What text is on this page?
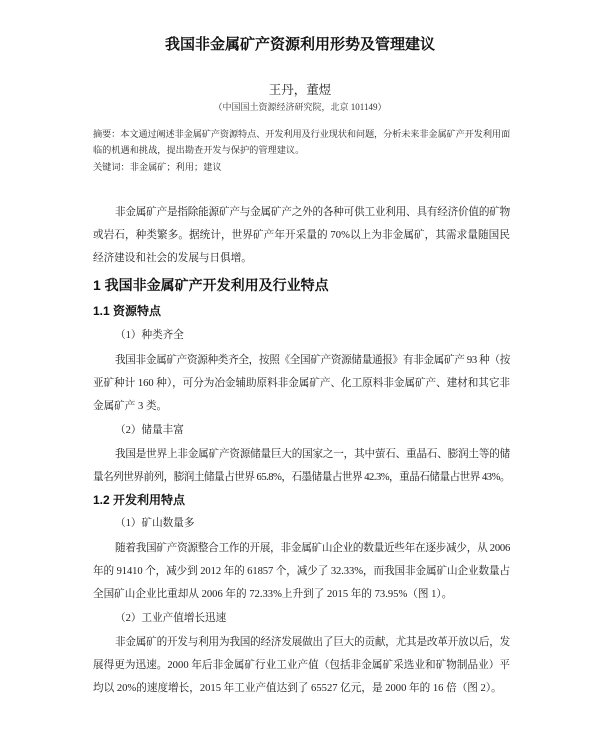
我国非金属矿产资源利用形势及管理建议
王丹，董煜
（中国国土资源经济研究院，北京 101149）
摘要：本文通过阐述非金属矿产资源特点、开发利用及行业现状和问题，分析未来非金属矿产开发利用面
临的机遇和挑战，提出勘查开发与保护的管理建议。
关键词：非金属矿；利用；建议
非金属矿产是指除能源矿产与金属矿产之外的各种可供工业利用、具有经济价值的矿物
或岩石，种类繁多。据统计，世界矿产年开采量的 70%以上为非金属矿，其需求量随国民
经济建设和社会的发展与日俱增。
1 我国非金属矿产开发利用及行业特点
1.1 资源特点
（1）种类齐全
我国非金属矿产资源种类齐全，按照《全国矿产资源储量通报》有非金属矿产 93 种（按
亚矿种计 160 种），可分为冶金辅助原料非金属矿产、化工原料非金属矿产、建材和其它非
金属矿产 3 类。
（2）储量丰富
我国是世界上非金属矿产资源储量巨大的国家之一，其中萤石、重晶石、膨润土等的储
量名列世界前列，膨润土储量占世界 65.8%，石墨储量占世界 42.3%，重晶石储量占世界 43%。
1.2 开发利用特点
（1）矿山数量多
随着我国矿产资源整合工作的开展，非金属矿山企业的数量近些年在逐步减少，从 2006
年的 91410 个，减少到 2012 年的 61857 个，减少了 32.33%，而我国非金属矿山企业数量占
全国矿山企业比重却从 2006 年的 72.33%上升到了 2015 年的 73.95%（图 1）。
（2）工业产值增长迅速
非金属矿的开发与利用为我国的经济发展做出了巨大的贡献，尤其是改革开放以后，发
展得更为迅速。2000 年后非金属矿行业工业产值（包括非金属矿采选业和矿物制品业）平
均以 20%的速度增长，2015 年工业产值达到了 65527 亿元，是 2000 年的 16 倍（图 2）。
